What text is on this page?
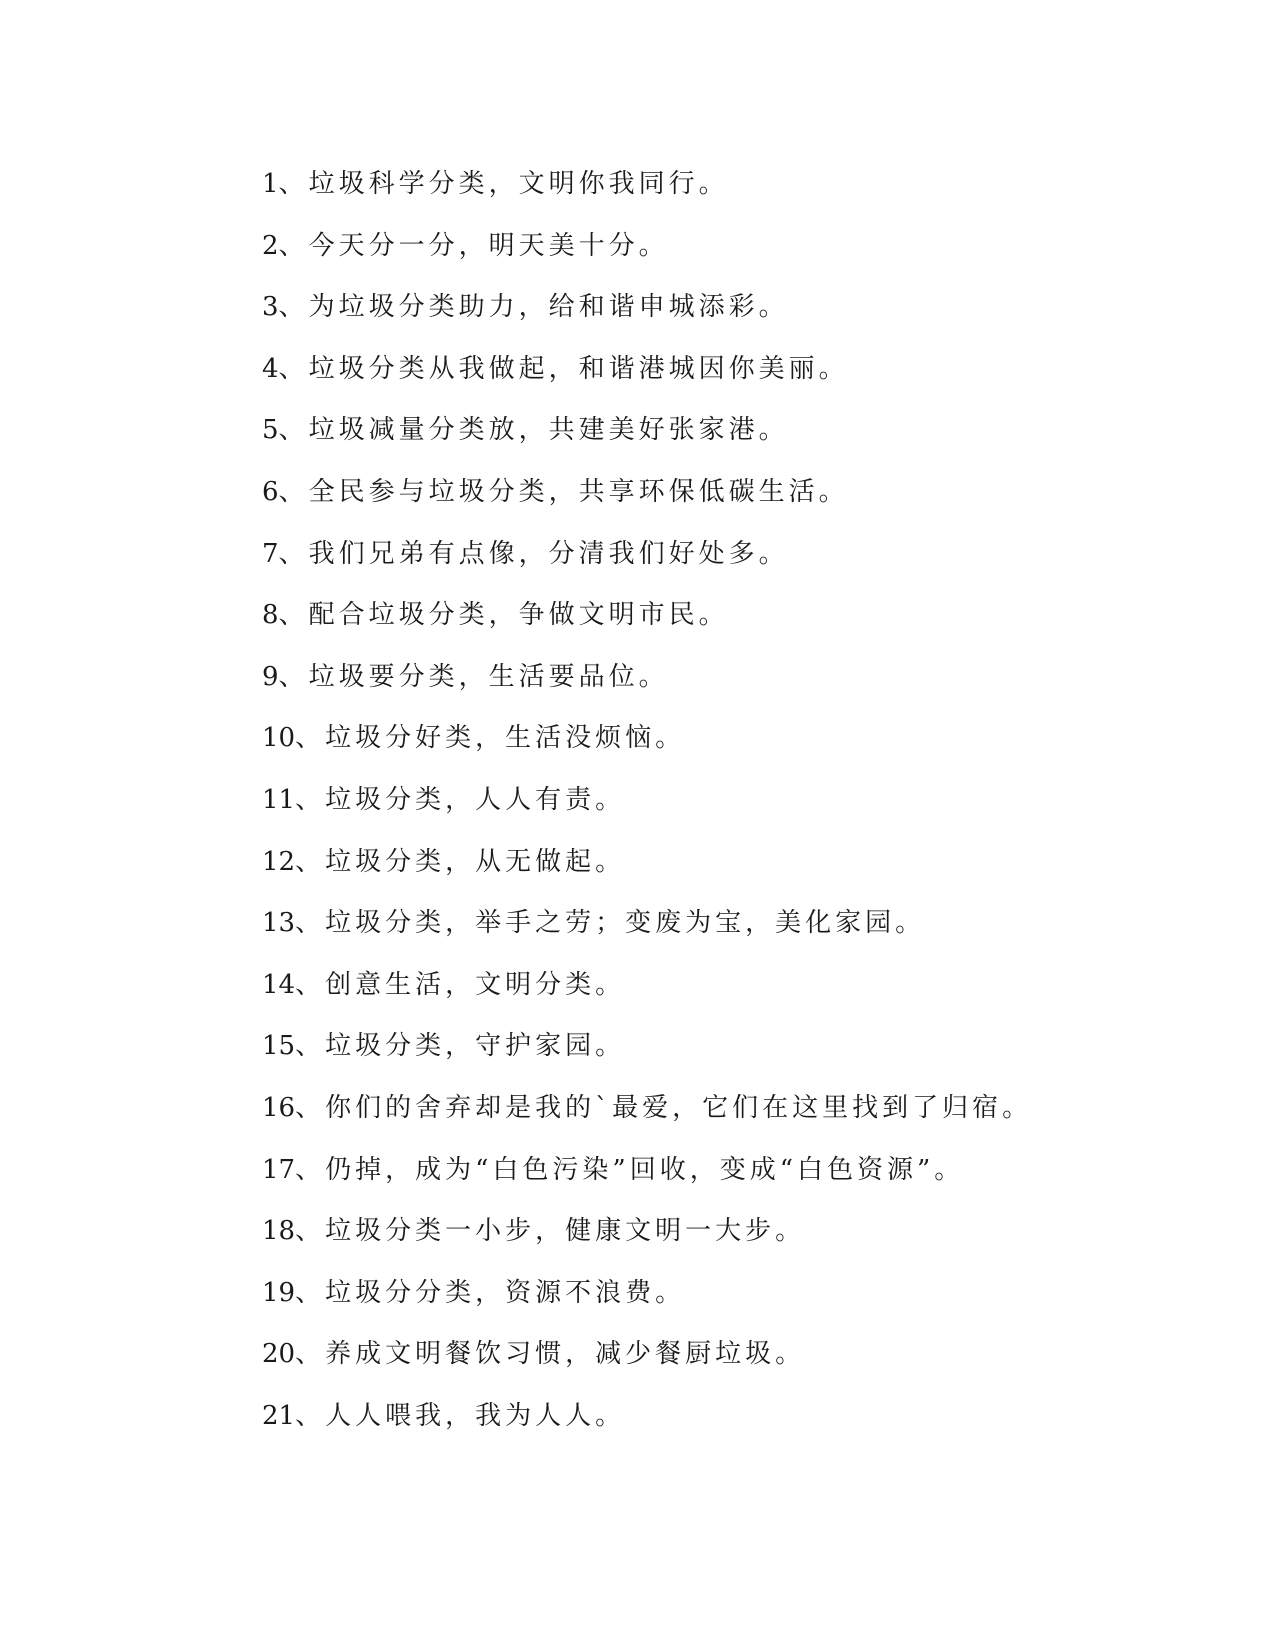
1、垃圾科学分类，文明你我同行。
2、今天分一分，明天美十分。
3、为垃圾分类助力，给和谐申城添彩。
4、垃圾分类从我做起，和谐港城因你美丽。
5、垃圾减量分类放，共建美好张家港。
6、全民参与垃圾分类，共享环保低碳生活。
7、我们兄弟有点像，分清我们好处多。
8、配合垃圾分类，争做文明市民。
9、垃圾要分类，生活要品位。
10、垃圾分好类，生活没烦恼。
11、垃圾分类，人人有责。
12、垃圾分类，从无做起。
13、垃圾分类，举手之劳；变废为宝，美化家园。
14、创意生活，文明分类。
15、垃圾分类，守护家园。
16、你们的舍弃却是我的`最爱，它们在这里找到了归宿。
17、仍掉，成为“白色污染”回收，变成“白色资源”。
18、垃圾分类一小步，健康文明一大步。
19、垃圾分分类，资源不浪费。
20、养成文明餐饮习惯，减少餐厨垃圾。
21、人人喂我，我为人人。
